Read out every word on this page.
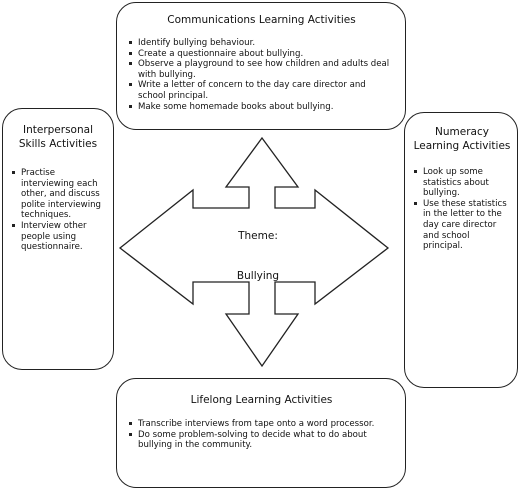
Theme:
Bullying
Communications Learning Activities
Identify bullying behaviour.
Create a questionnaire about bullying.
Observe a playground to see how children and adults deal with bullying.
Write a letter of concern to the day care director and school principal.
Make some homemade books about bullying.
Interpersonal Skills Activities
Practise interviewing each other, and discuss polite interviewing techniques.
Interview other people using questionnaire.
Numeracy Learning Activities
Look up some statistics about bullying.
Use these statistics in the letter to the day care director and school principal.
Lifelong Learning Activities
Transcribe interviews from tape onto a word processor.
Do some problem-solving to decide what to do about bullying in the community.
